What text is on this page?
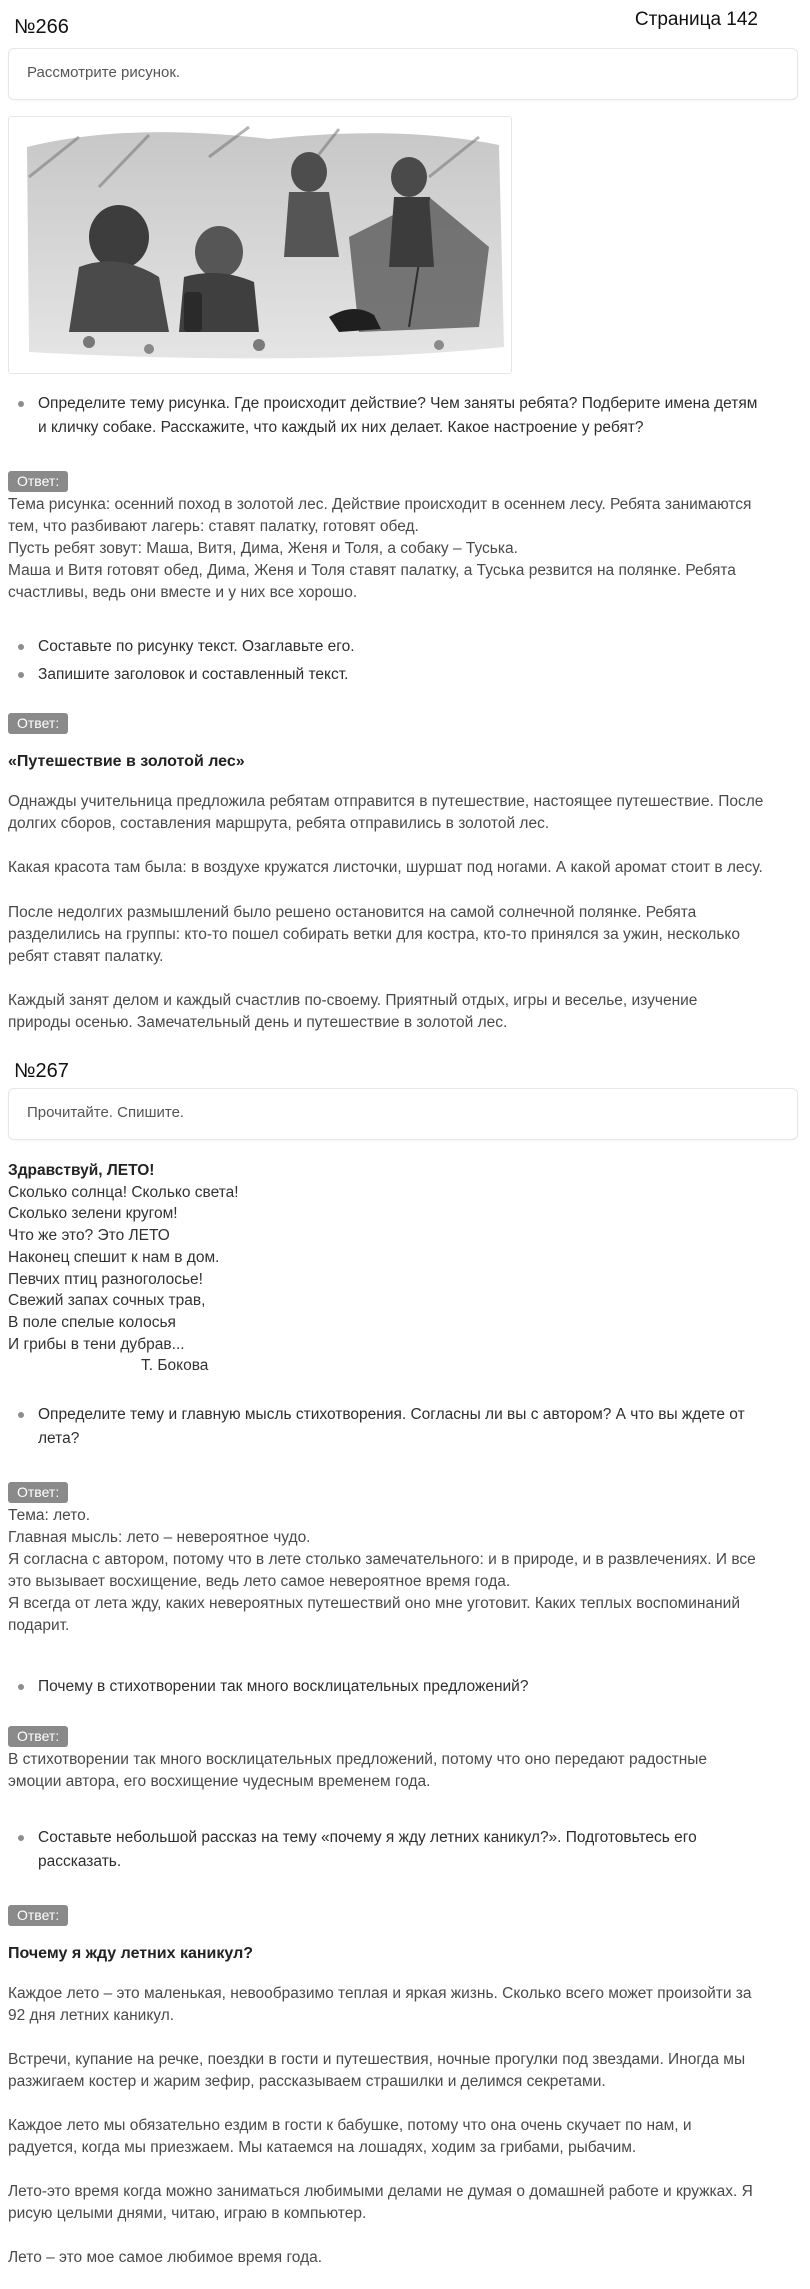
№266	Страница 142
Рассмотрите рисунок.
Определите тему рисунка. Где происходит действие? Чем заняты ребята? Подберите имена детям
и кличку собаке. Расскажите, что каждый их них делает. Какое настроение у ребят?
Ответ:

Тема рисунка: осенний поход в золотой лес. Действие происходит в осеннем лесу. Ребята занимаются

тем, что разбивают лагерь: ставят палатку, готовят обед.

Пусть ребят зовут: Маша, Витя, Дима, Женя и Толя, а собаку – Туська.

Маша и Витя готовят обед, Дима, Женя и Толя ставят палатку, а Туська резвится на полянке. Ребята

счастливы, ведь они вместе и у них все хорошо.

Составьте по рисунку текст. Озаглавьте его.
Запишите заголовок и составленный текст.
Ответ:
«Путешествие в золотой лес»

Однажды учительница предложила ребятам отправится в путешествие, настоящее путешествие. После

долгих сборов, составления маршрута, ребята отправились в золотой лес.

Какая красота там была: в воздухе кружатся листочки, шуршат под ногами. А какой аромат стоит в лесу.

После недолгих размышлений было решено остановится на самой солнечной полянке. Ребята

разделились на группы: кто-то пошел собирать ветки для костра, кто-то принялся за ужин, несколько

ребят ставят палатку.

Каждый занят делом и каждый счастлив по-своему. Приятный отдых, игры и веселье, изучение

природы осенью. Замечательный день и путешествие в золотой лес.

№267
Прочитайте. Спишите.
Здравствуй, ЛЕТО!
Сколько солнца! Сколько света!
Сколько зелени кругом!
Что же это? Это ЛЕТО
Наконец спешит к нам в дом.
Певчих птиц разноголосье!
Свежий запах сочных трав,
В поле спелые колосья
И грибы в тени дубрав...
Т. Бокова
Определите тему и главную мысль стихотворения. Согласны ли вы с автором? А что вы ждете от
лета?
Ответ:

Тема: лето.

Главная мысль: лето – невероятное чудо.

Я согласна с автором, потому что в лете столько замечательного: и в природе, и в развлечениях. И все

это вызывает восхищение, ведь лето самое невероятное время года.

Я всегда от лета жду, каких невероятных путешествий оно мне уготовит. Каких теплых воспоминаний

подарит.

Почему в стихотворении так много восклицательных предложений?
Ответ:

В стихотворении так много восклицательных предложений, потому что оно передают радостные

эмоции автора, его восхищение чудесным временем года.

Составьте небольшой рассказ на тему «почему я жду летних каникул?». Подготовьтесь его
рассказать.
Ответ:
Почему я жду летних каникул?

Каждое лето – это маленькая, невообразимо теплая и яркая жизнь. Сколько всего может произойти за

92 дня летних каникул.

Встречи, купание на речке, поездки в гости и путешествия, ночные прогулки под звездами. Иногда мы

разжигаем костер и жарим зефир, рассказываем страшилки и делимся секретами.

Каждое лето мы обязательно ездим в гости к бабушке, потому что она очень скучает по нам, и

радуется, когда мы приезжаем. Мы катаемся на лошадях, ходим за грибами, рыбачим.

Лето-это время когда можно заниматься любимыми делами не думая о домашней работе и кружках. Я

рисую целыми днями, читаю, играю в компьютер.

Лето – это мое самое любимое время года.
